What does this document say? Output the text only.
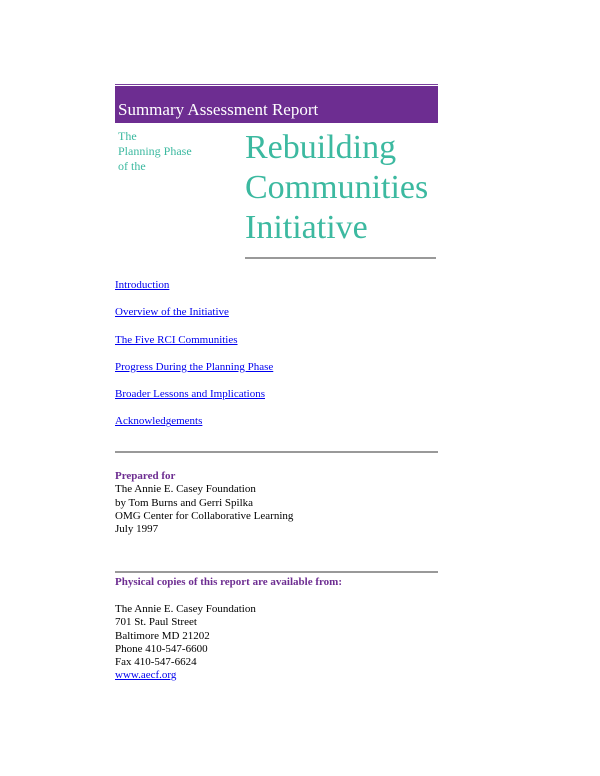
Summary Assessment Report
The
Planning Phase
of the	Rebuilding
Communities
Initiative
Introduction
Overview of the Initiative
The Five RCI Communities
Progress During the Planning Phase
Broader Lessons and Implications
Acknowledgements
Prepared for
The Annie E. Casey Foundation
by Tom Burns and Gerri Spilka
OMG Center for Collaborative Learning
July 1997
Physical copies of this report are available from:
The Annie E. Casey Foundation
701 St. Paul Street
Baltimore MD 21202
Phone 410-547-6600
Fax 410-547-6624
www.aecf.org
